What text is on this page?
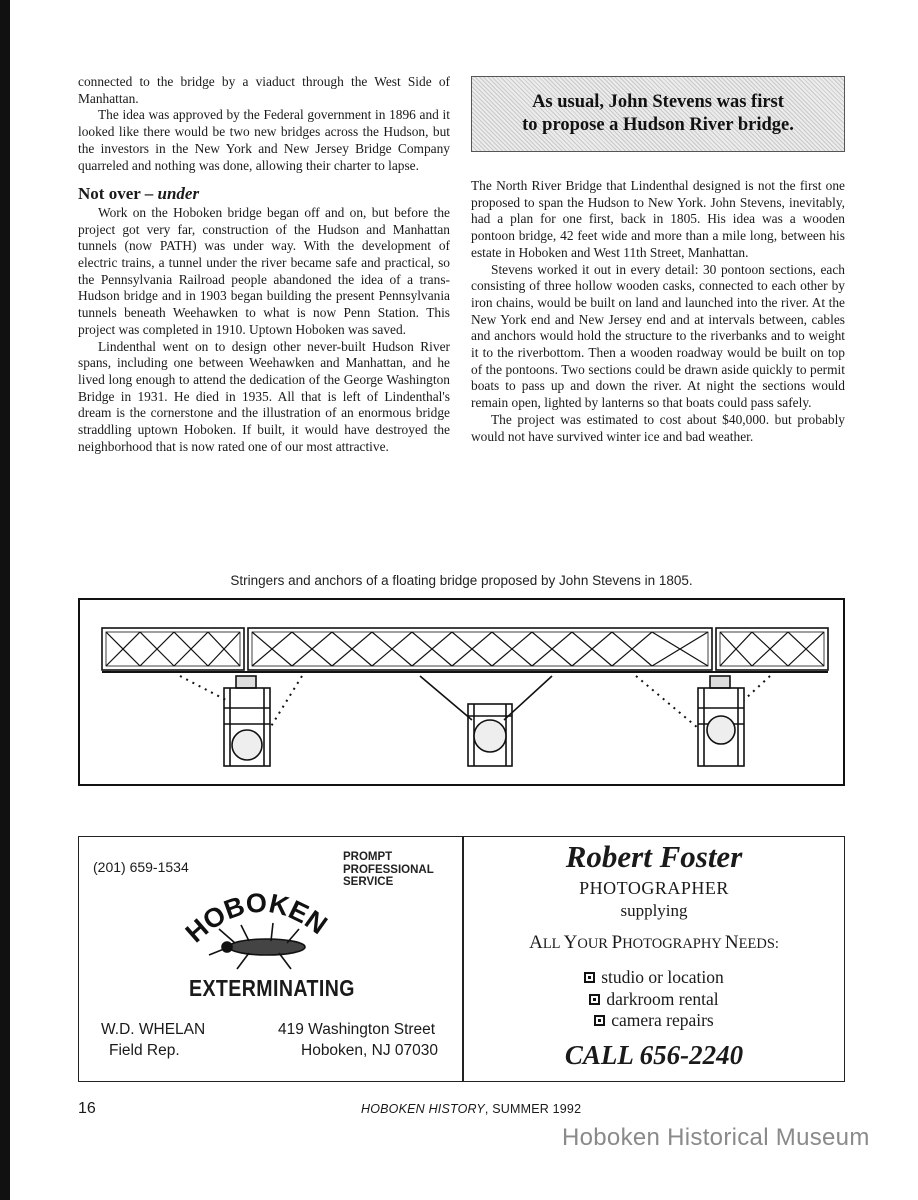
connected to the bridge by a viaduct through the West Side of Manhattan.

The idea was approved by the Federal government in 1896 and it looked like there would be two new bridges across the Hudson, but the investors in the New York and New Jersey Bridge Company quarreled and nothing was done, allowing their charter to lapse.

Not over – under

Work on the Hoboken bridge began off and on, but before the project got very far, construction of the Hudson and Manhattan tunnels (now PATH) was under way. With the development of electric trains, a tunnel under the river became safe and practical, so the Pennsylvania Railroad people abandoned the idea of a trans-Hudson bridge and in 1903 began building the present Pennsylvania tunnels beneath Weehawken to what is now Penn Station. This project was completed in 1910. Uptown Hoboken was saved.

Lindenthal went on to design other never-built Hudson River spans, including one between Weehawken and Manhattan, and he lived long enough to attend the dedication of the George Washington Bridge in 1931. He died in 1935. All that is left of Lindenthal's dream is the cornerstone and the illustration of an enormous bridge straddling uptown Hoboken. If built, it would have destroyed the neighborhood that is now rated one of our most attractive.

As usual, John Stevens was first
to propose a Hudson River bridge.

The North River Bridge that Lindenthal designed is not the first one proposed to span the Hudson to New York. John Stevens, inevitably, had a plan for one first, back in 1805. His idea was a wooden pontoon bridge, 42 feet wide and more than a mile long, between his estate in Hoboken and West 11th Street, Manhattan.

Stevens worked it out in every detail: 30 pontoon sections, each consisting of three hollow wooden casks, connected to each other by iron chains, would be built on land and launched into the river. At the New York end and New Jersey end and at intervals between, cables and anchors would hold the structure to the riverbanks and to weight it to the riverbottom. Then a wooden roadway would be built on top of the pontoons. Two sections could be drawn aside quickly to permit boats to pass up and down the river. At night the sections would remain open, lighted by lanterns so that boats could pass safely.

The project was estimated to cost about $40,000. but probably would not have survived winter ice and bad weather.

Stringers and anchors of a floating bridge proposed by John Stevens in 1805.
(201) 659-1534
PROMPT
PROFESSIONAL
SERVICE
HOBOKEN
EXTERMINATING
W.D. WHELAN
Field Rep.
419 Washington Street
Hoboken, NJ 07030
Robert Foster
PHOTOGRAPHER
supplying
ALL YOUR PHOTOGRAPHY NEEDS:
studio or location
darkroom rental
camera repairs
CALL 656-2240
16	HOBOKEN HISTORY, SUMMER 1992
Hoboken Historical Museum
